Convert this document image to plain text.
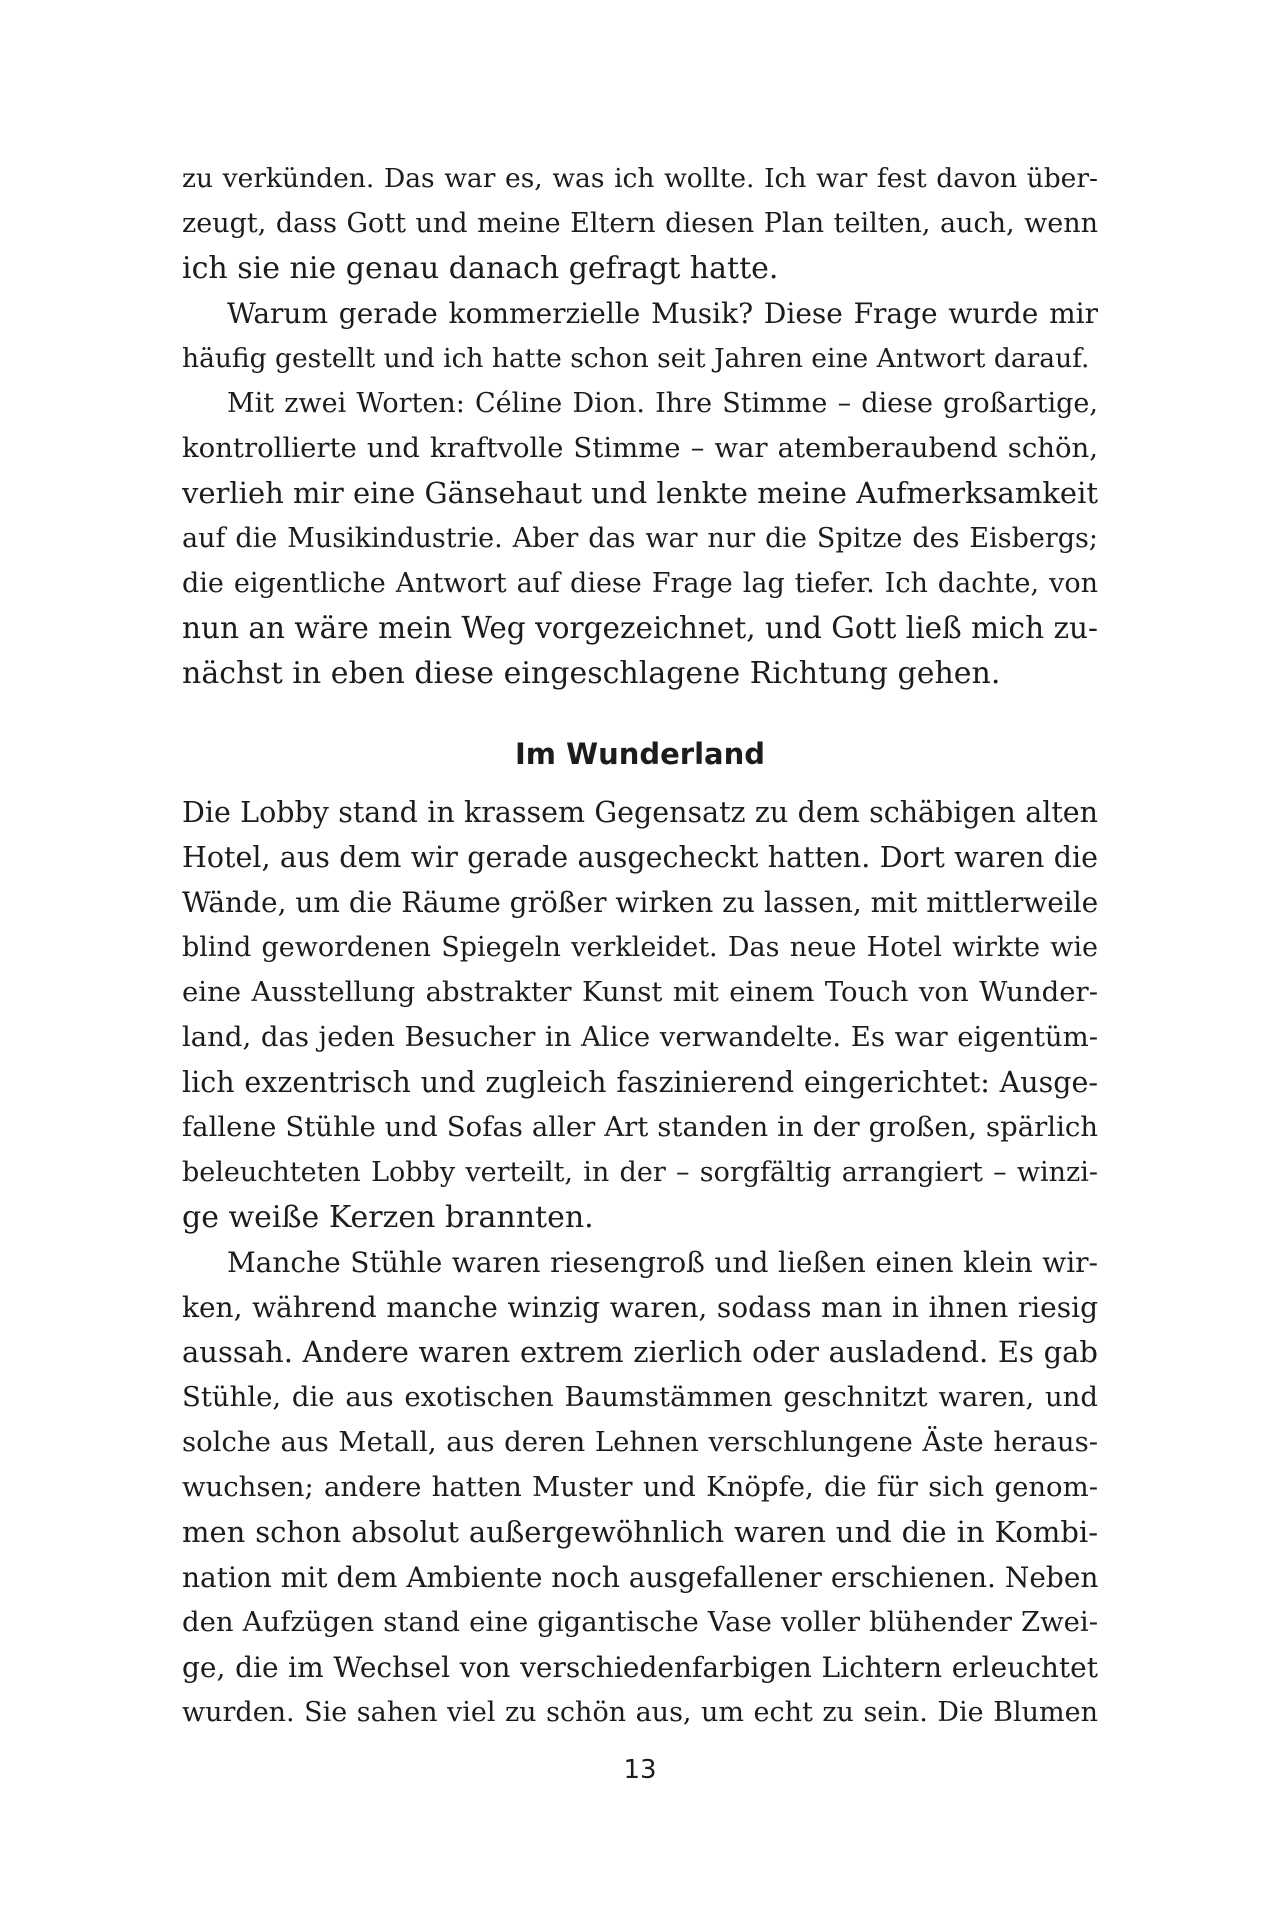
zu verkünden. Das war es, was ich wollte. Ich war fest davon über-
zeugt, dass Gott und meine Eltern diesen Plan teilten, auch, wenn
ich sie nie genau danach gefragt hatte.
Warum gerade kommerzielle Musik? Diese Frage wurde mir
häufig gestellt und ich hatte schon seit Jahren eine Antwort darauf.
Mit zwei Worten: Céline Dion. Ihre Stimme – diese großartige,
kontrollierte und kraftvolle Stimme – war atemberaubend schön,
verlieh mir eine Gänsehaut und lenkte meine Aufmerksamkeit
auf die Musikindustrie. Aber das war nur die Spitze des Eisbergs;
die eigentliche Antwort auf diese Frage lag tiefer. Ich dachte, von
nun an wäre mein Weg vorgezeichnet, und Gott ließ mich zu-
nächst in eben diese eingeschlagene Richtung gehen.
Im Wunderland
Die Lobby stand in krassem Gegensatz zu dem schäbigen alten
Hotel, aus dem wir gerade ausgecheckt hatten. Dort waren die
Wände, um die Räume größer wirken zu lassen, mit mittlerweile
blind gewordenen Spiegeln verkleidet. Das neue Hotel wirkte wie
eine Ausstellung abstrakter Kunst mit einem Touch von Wunder-
land, das jeden Besucher in Alice verwandelte. Es war eigentüm-
lich exzentrisch und zugleich faszinierend eingerichtet: Ausge-
fallene Stühle und Sofas aller Art standen in der großen, spärlich
beleuchteten Lobby verteilt, in der – sorgfältig arrangiert – winzi-
ge weiße Kerzen brannten.
Manche Stühle waren riesengroß und ließen einen klein wir-
ken, während manche winzig waren, sodass man in ihnen riesig
aussah. Andere waren extrem zierlich oder ausladend. Es gab
Stühle, die aus exotischen Baumstämmen geschnitzt waren, und
solche aus Metall, aus deren Lehnen verschlungene Äste heraus-
wuchsen; andere hatten Muster und Knöpfe, die für sich genom-
men schon absolut außergewöhnlich waren und die in Kombi-
nation mit dem Ambiente noch ausgefallener erschienen. Neben
den Aufzügen stand eine gigantische Vase voller blühender Zwei-
ge, die im Wechsel von verschiedenfarbigen Lichtern erleuchtet
wurden. Sie sahen viel zu schön aus, um echt zu sein. Die Blumen
13
